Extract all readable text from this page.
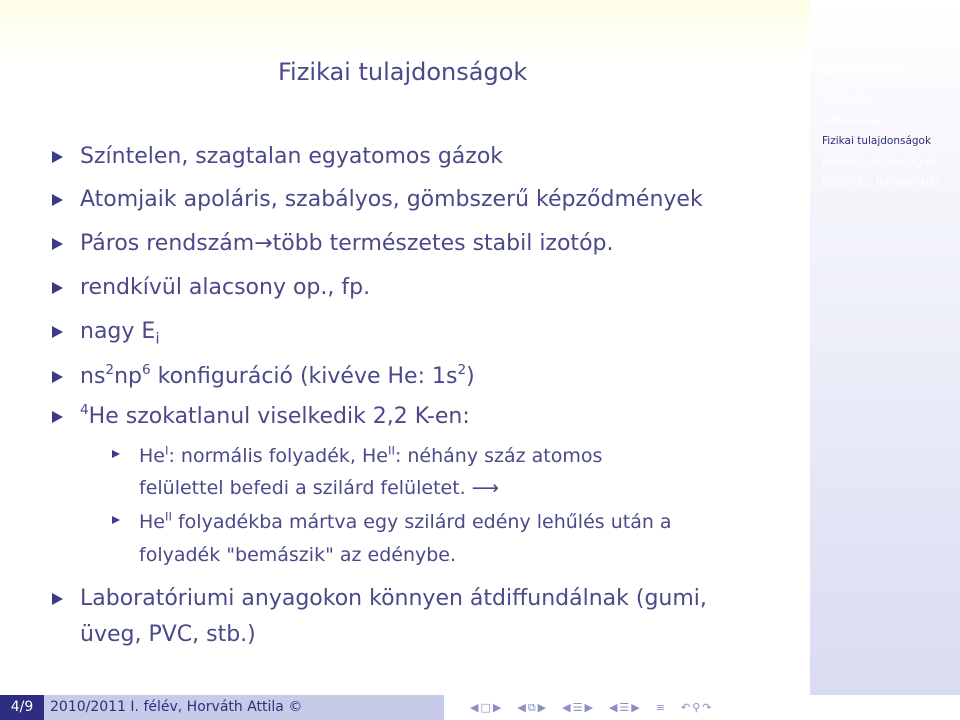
Nemesgázok
Történet
Előfordulás
Fizikai tulajdonságok
Kémiai tulajdonságok
Előállítás, felhasználás
Fizikai tulajdonságok
Színtelen, szagtalan egyatomos gázok
Atomjaik apoláris, szabályos, gömbszerű képződmények
Páros rendszám→több természetes stabil izotóp.
rendkívül alacsony op., fp.
nagy $E_i$
$ns^2np^6$ konfiguráció (kivéve He: $1s^2$)
$^4$He szokatlanul viselkedik 2,2 K-en:
$He^I$: normális folyadék, $He^{II}$: néhány száz atomos
felülettel befedi a szilárd felületet. ⟶
$He^{II}$ folyadékba mártva egy szilárd edény lehűlés után a
folyadék "bemászik" az edénybe.
Laboratóriumi anyagokon könnyen átdiffundálnak (gumi,
üveg, PVC, stb.)
4/9	2010/2011 I. félév, Horváth Attila ©	◀ □ ▶ ◀ ⧉ ▶ ◀ ☰ ▶ ◀ ☰ ▶ ≡ ↶ ⚲ ↷
